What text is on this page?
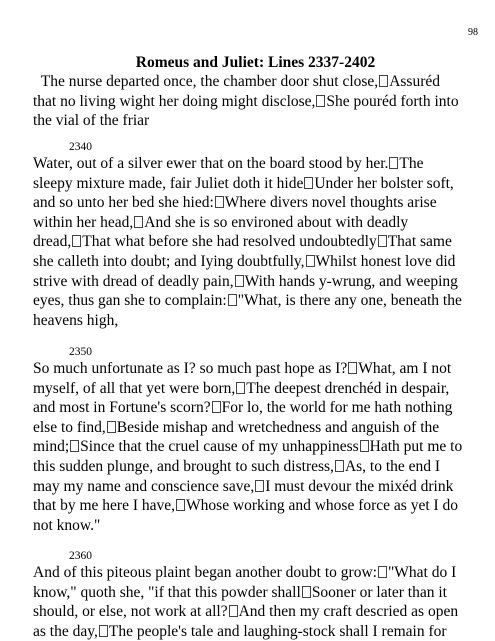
98
Romeus and Juliet: Lines 2337-2402
The nurse departed once, the chamber door shut close, Assuréd
that no living wight her doing might disclose, She pouréd forth into
the vial of the friar
2340
Water, out of a silver ewer that on the board stood by her. The
sleepy mixture made, fair Juliet doth it hide Under her bolster soft,
and so unto her bed she hied: Where divers novel thoughts arise
within her head, And she is so environed about with deadly
dread, That what before she had resolved undoubtedly That same
she calleth into doubt; and Iying doubtfully, Whilst honest love did
strive with dread of deadly pain, With hands y-wrung, and weeping
eyes, thus gan she to complain: "What, is there any one, beneath the
heavens high,
2350
So much unfortunate as I? so much past hope as I? What, am I not
myself, of all that yet were born, The deepest drenchéd in despair,
and most in Fortune's scorn? For lo, the world for me hath nothing
else to find, Beside mishap and wretchedness and anguish of the
mind; Since that the cruel cause of my unhappiness Hath put me to
this sudden plunge, and brought to such distress, As, to the end I
may my name and conscience save, I must devour the mixéd drink
that by me here I have, Whose working and whose force as yet I do
not know."
2360
And of this piteous plaint began another doubt to grow: "What do I
know," quoth she, "if that this powder shall Sooner or later than it
should, or else, not work at all? And then my craft descried as open
as the day, The people's tale and laughing-stock shall I remain for
